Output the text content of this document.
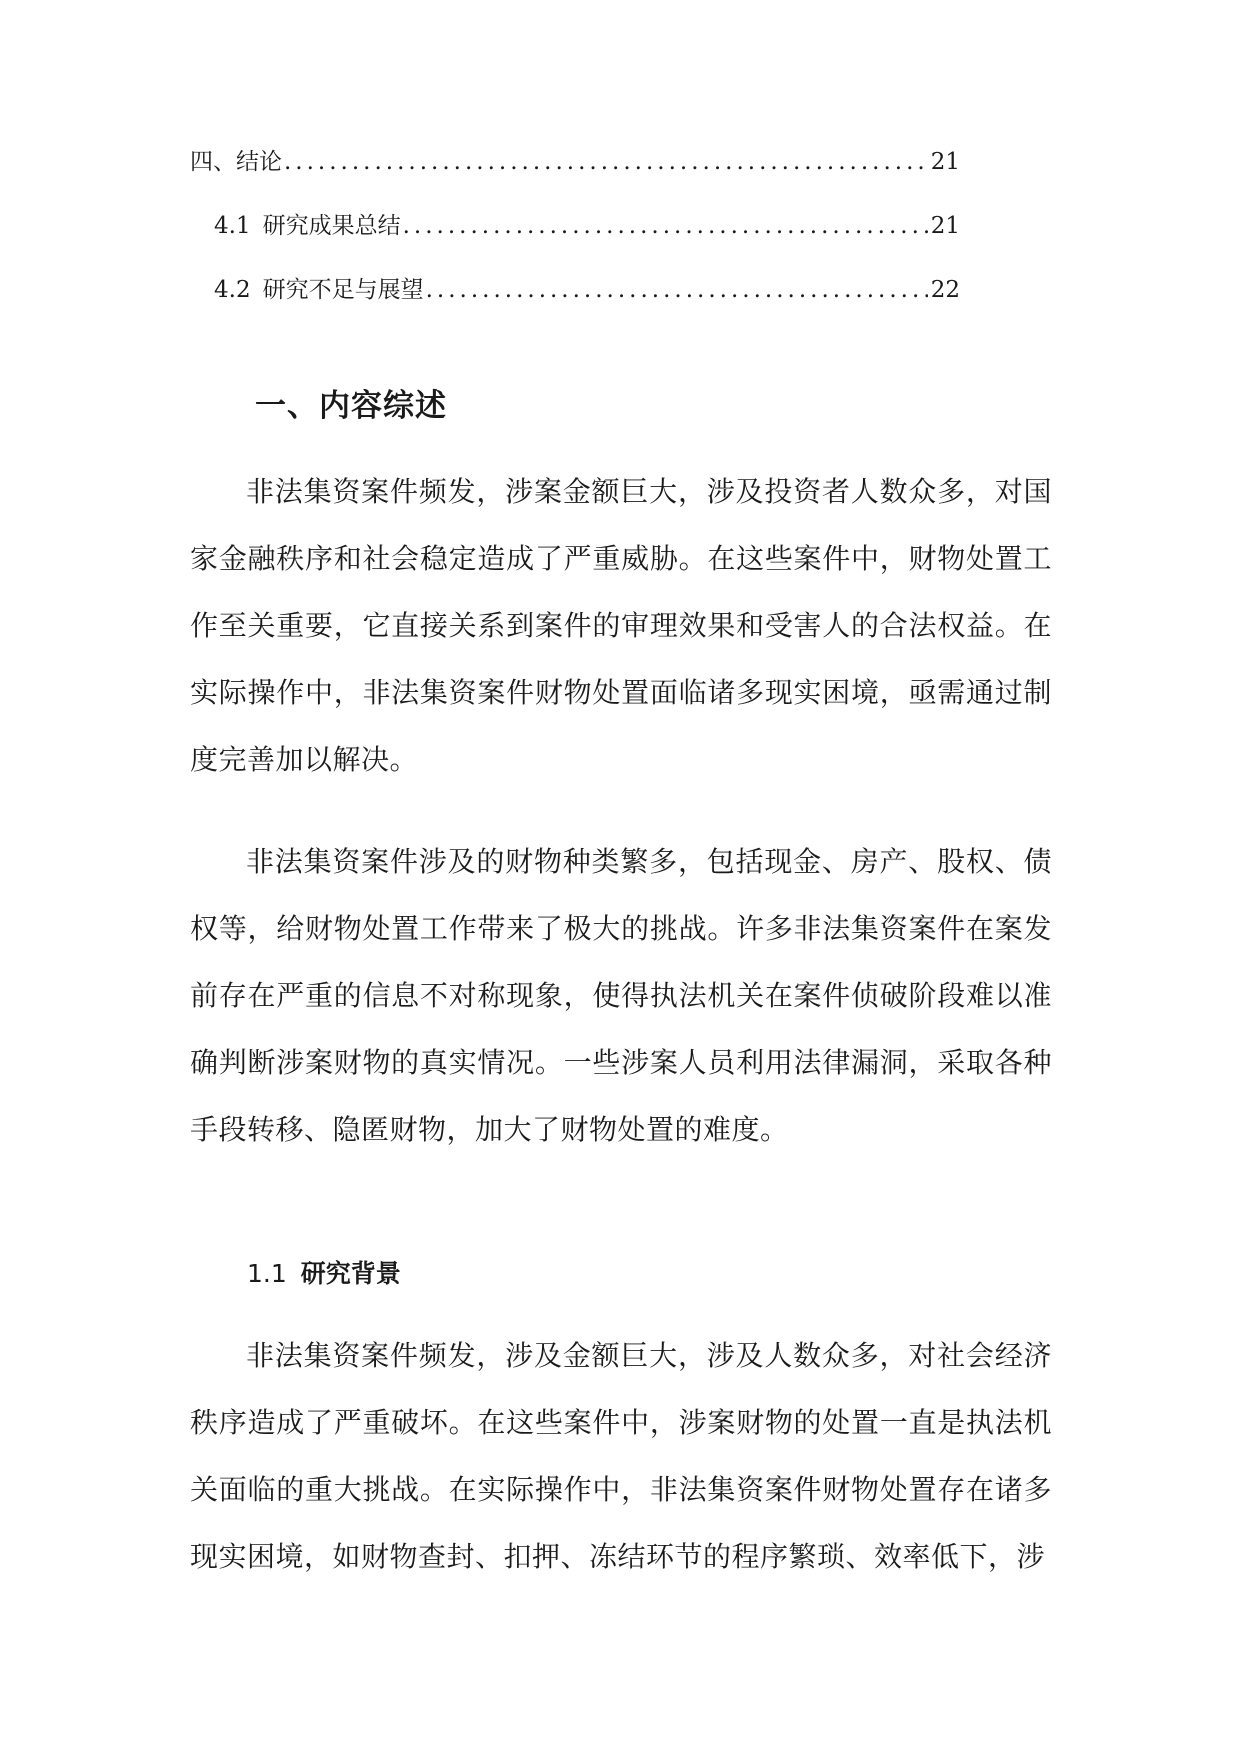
四、结论 .....	21
4.1 研究成果总结 .....	21
4.2 研究不足与展望 .....	22
一、内容综述

非法集资案件频发，涉案金额巨大，涉及投资者人数众多，对国家金融秩序和社会稳定造成了严重威胁。在这些案件中，财物处置工作至关重要，它直接关系到案件的审理效果和受害人的合法权益。在实际操作中，非法集资案件财物处置面临诸多现实困境，亟需通过制度完善加以解决。

非法集资案件涉及的财物种类繁多，包括现金、房产、股权、债权等，给财物处置工作带来了极大的挑战。许多非法集资案件在案发前存在严重的信息不对称现象，使得执法机关在案件侦破阶段难以准确判断涉案财物的真实情况。一些涉案人员利用法律漏洞，采取各种手段转移、隐匿财物，加大了财物处置的难度。

1.1 研究背景

非法集资案件频发，涉及金额巨大，涉及人数众多，对社会经济秩序造成了严重破坏。在这些案件中，涉案财物的处置一直是执法机关面临的重大挑战。在实际操作中，非法集资案件财物处置存在诸多现实困境，如财物查封、扣押、冻结环节的程序繁琐、效率低下，涉
